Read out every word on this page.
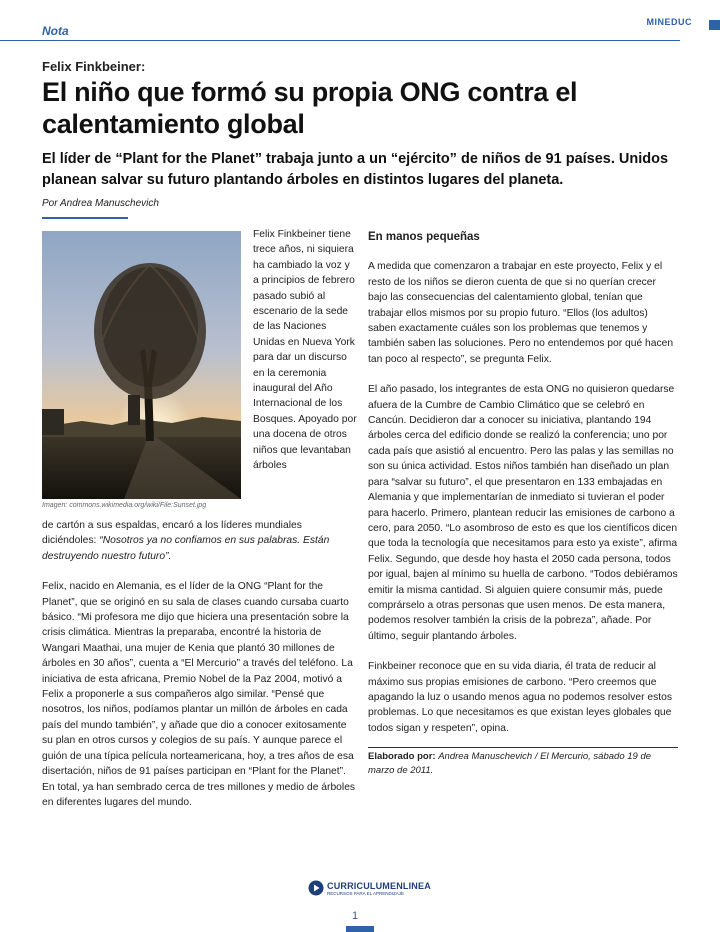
Nota
MINEDUC
Felix Finkbeiner:
El niño que formó su propia ONG contra el calentamiento global
El líder de “Plant for the Planet” trabaja junto a un “ejército” de niños de 91 países. Unidos planean salvar su futuro plantando árboles en distintos lugares del planeta.
Por Andrea Manuschevich
Imagen: commons.wikimedia.org/wiki/File:Sunset.jpg
Felix Finkbeiner tiene trece años, ni siquiera ha cambiado la voz y a principios de febrero pasado subió al escenario de la sede de las Naciones Unidas en Nueva York para dar un discurso en la ceremonia inaugural del Año Internacional de los Bosques. Apoyado por una docena de otros niños que levantaban árboles

de cartón a sus espaldas, encaró a los líderes mundiales diciéndoles: “Nosotros ya no confiamos en sus palabras. Están destruyendo nuestro futuro”.

Felix, nacido en Alemania, es el líder de la ONG “Plant for the Planet”, que se originó en su sala de clases cuando cursaba cuarto básico. “Mi profesora me dijo que hiciera una presentación sobre la crisis climática. Mientras la preparaba, encontré la historia de Wangari Maathai, una mujer de Kenia que plantó 30 millones de árboles en 30 años”, cuenta a “El Mercurio” a través del teléfono. La iniciativa de esta africana, Premio Nobel de la Paz 2004, motivó a Felix a proponerle a sus compañeros algo similar. “Pensé que nosotros, los niños, podíamos plantar un millón de árboles en cada país del mundo también”, y añade que dio a conocer exitosamente su plan en otros cursos y colegios de su país. Y aunque parece el guión de una típica película norteamericana, hoy, a tres años de esa disertación, niños de 91 países participan en “Plant for the Planet”. En total, ya han sembrado cerca de tres millones y medio de árboles en diferentes lugares del mundo.

En manos pequeñas

A medida que comenzaron a trabajar en este proyecto, Felix y el resto de los niños se dieron cuenta de que si no querían crecer bajo las consecuencias del calentamiento global, tenían que trabajar ellos mismos por su propio futuro. “Ellos (los adultos) saben exactamente cuáles son los problemas que tenemos y también saben las soluciones. Pero no entendemos por qué hacen tan poco al respecto”, se pregunta Felix.

El año pasado, los integrantes de esta ONG no quisieron quedarse afuera de la Cumbre de Cambio Climático que se celebró en Cancún. Decidieron dar a conocer su iniciativa, plantando 194 árboles cerca del edificio donde se realizó la conferencia; uno por cada país que asistió al encuentro. Pero las palas y las semillas no son su única actividad. Estos niños también han diseñado un plan para “salvar su futuro”, el que presentaron en 133 embajadas en Alemania y que implementarían de inmediato si tuvieran el poder para hacerlo. Primero, plantean reducir las emisiones de carbono a cero, para 2050. “Lo asombroso de esto es que los científicos dicen que toda la tecnología que necesitamos para esto ya existe”, afirma Felix. Segundo, que desde hoy hasta el 2050 cada persona, todos por igual, bajen al mínimo su huella de carbono. “Todos debiéramos emitir la misma cantidad. Si alguien quiere consumir más, puede comprárselo a otras personas que usen menos. De esta manera, podemos resolver también la crisis de la pobreza”, añade. Por último, seguir plantando árboles.

Finkbeiner reconoce que en su vida diaria, él trata de reducir al máximo sus propias emisiones de carbono. “Pero creemos que apagando la luz o usando menos agua no podemos resolver estos problemas. Lo que necesitamos es que existan leyes globales que todos sigan y respeten”, opina.

Elaborado por: Andrea Manuschevich / El Mercurio, sábado 19 de marzo de 2011.
CURRICULUMENLINEA
RECURSOS PARA EL APRENDIZAJE
1
